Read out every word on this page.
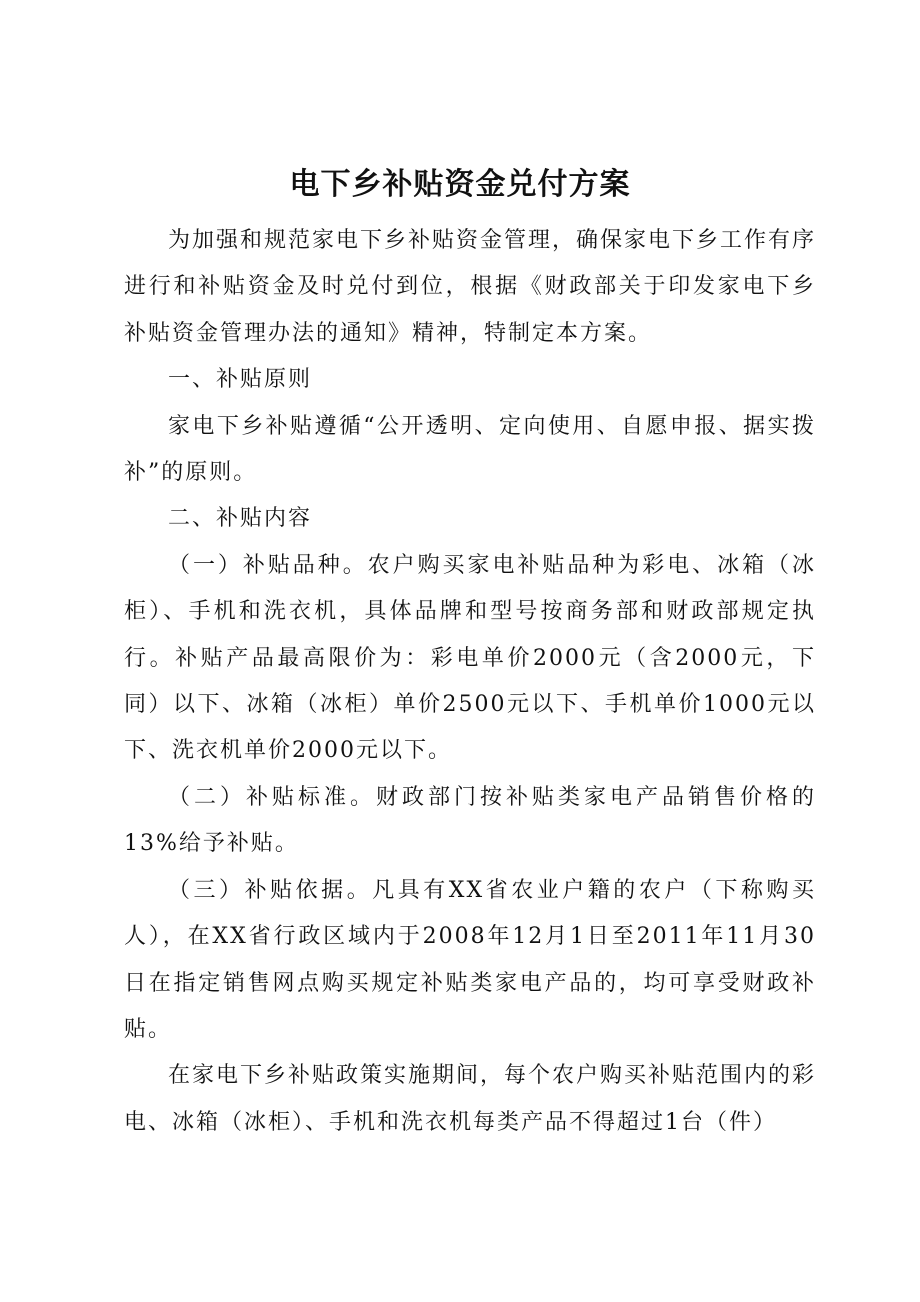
电下乡补贴资金兑付方案

为加强和规范家电下乡补贴资金管理，确保家电下乡工作有序进行和补贴资金及时兑付到位，根据《财政部关于印发家电下乡补贴资金管理办法的通知》精神，特制定本方案。

一、补贴原则

家电下乡补贴遵循“公开透明、定向使用、自愿申报、据实拨补”的原则。

二、补贴内容

（一）补贴品种。农户购买家电补贴品种为彩电、冰箱（冰柜）、手机和洗衣机，具体品牌和型号按商务部和财政部规定执行。补贴产品最高限价为：彩电单价2000元（含2000元，下同）以下、冰箱（冰柜）单价2500元以下、手机单价1000元以下、洗衣机单价2000元以下。

（二）补贴标准。财政部门按补贴类家电产品销售价格的13%给予补贴。

（三）补贴依据。凡具有XX省农业户籍的农户（下称购买人），在XX省行政区域内于2008年12月1日至2011年11月30日在指定销售网点购买规定补贴类家电产品的，均可享受财政补贴。

在家电下乡补贴政策实施期间，每个农户购买补贴范围内的彩电、冰箱（冰柜）、手机和洗衣机每类产品不得超过1台（件）
